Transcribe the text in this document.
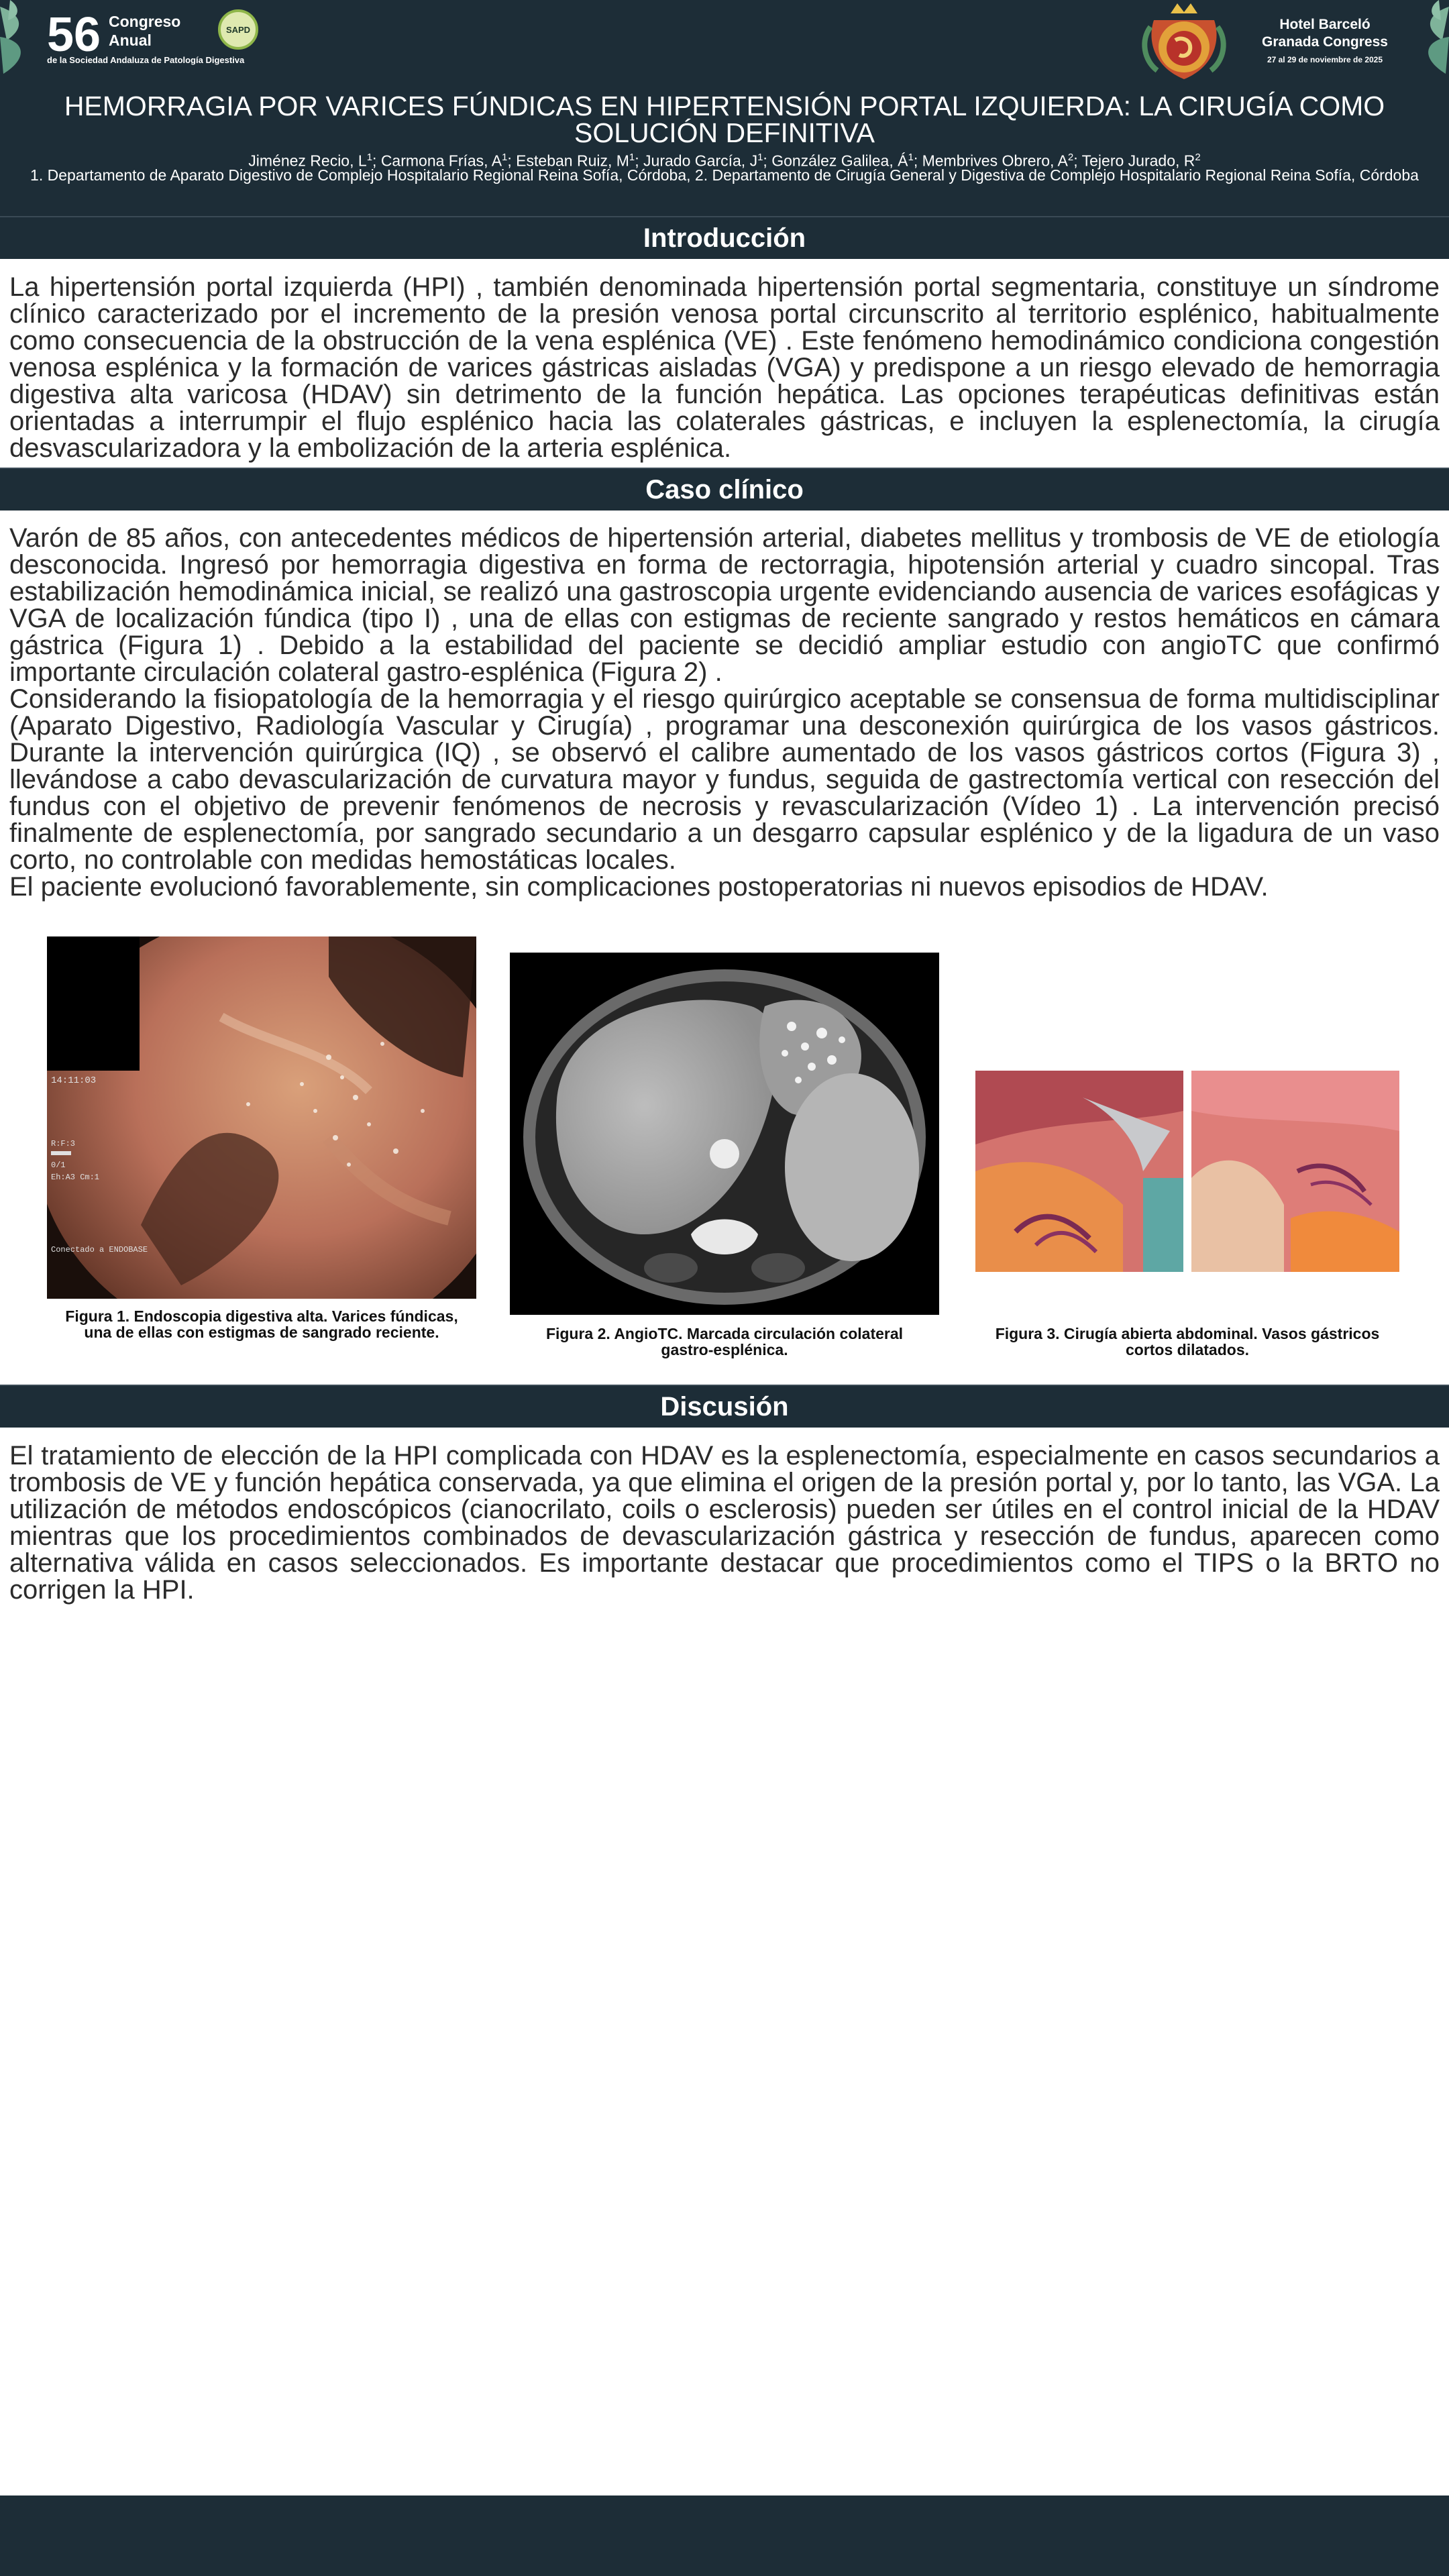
56 Congreso
Anual
SAPD
de la Sociedad Andaluza de Patología Digestiva
Hotel Barceló
Granada Congress
27 al 29 de noviembre de 2025
HEMORRAGIA POR VARICES FÚNDICAS EN HIPERTENSIÓN PORTAL IZQUIERDA: LA CIRUGÍA COMO SOLUCIÓN DEFINITIVA
Jiménez Recio, $L^1$; Carmona Frías, $A^1$; Esteban Ruiz, $M^1$; Jurado García, $J^1$; González Galilea, $Á^1$; Membrives Obrero, $A^2$; Tejero Jurado, $R^2$
1. Departamento de Aparato Digestivo de Complejo Hospitalario Regional Reina Sofía, Córdoba, 2. Departamento de Cirugía General y Digestiva de Complejo Hospitalario Regional Reina Sofía, Córdoba
Introducción

La hipertensión portal izquierda (HPI) , también denominada hipertensión portal segmentaria, constituye un síndrome clínico caracterizado por el incremento de la presión venosa portal circunscrito al territorio esplénico, habitualmente como consecuencia de la obstrucción de la vena esplénica (VE) . Este fenómeno hemodinámico condiciona congestión venosa esplénica y la formación de varices gástricas aisladas (VGA) y predispone a un riesgo elevado de hemorragia digestiva alta varicosa (HDAV) sin detrimento de la función hepática. Las opciones terapéuticas definitivas están orientadas a interrumpir el flujo esplénico hacia las colaterales gástricas, e incluyen la esplenectomía, la cirugía desvascularizadora y la embolización de la arteria esplénica.

Caso clínico

Varón de 85 años, con antecedentes médicos de hipertensión arterial, diabetes mellitus y trombosis de VE de etiología desconocida. Ingresó por hemorragia digestiva en forma de rectorragia, hipotensión arterial y cuadro sincopal. Tras estabilización hemodinámica inicial, se realizó una gastroscopia urgente evidenciando ausencia de varices esofágicas y VGA de localización fúndica (tipo I) , una de ellas con estigmas de reciente sangrado y restos hemáticos en cámara gástrica (Figura 1) . Debido a la estabilidad del paciente se decidió ampliar estudio con angioTC que confirmó importante circulación colateral gastro-esplénica (Figura 2) .

Considerando la fisiopatología de la hemorragia y el riesgo quirúrgico aceptable se consensua de forma multidisciplinar (Aparato Digestivo, Radiología Vascular y Cirugía) , programar una desconexión quirúrgica de los vasos gástricos. Durante la intervención quirúrgica (IQ) , se observó el calibre aumentado de los vasos gástricos cortos (Figura 3) , llevándose a cabo devascularización de curvatura mayor y fundus, seguida de gastrectomía vertical con resección del fundus con el objetivo de prevenir fenómenos de necrosis y revascularización (Vídeo 1) . La intervención precisó finalmente de esplenectomía, por sangrado secundario a un desgarro capsular esplénico y de la ligadura de un vaso corto, no controlable con medidas hemostáticas locales.

El paciente evolucionó favorablemente, sin complicaciones postoperatorias ni nuevos episodios de HDAV.

14:11:03
R:F:3
0/1
Eh:A3 Cm:1
Conectado a ENDOBASE
Figura 1. Endoscopia digestiva alta. Varices fúndicas, una de ellas con estigmas de sangrado reciente.	Figura 2. AngioTC. Marcada circulación colateral gastro-esplénica.
Figura 3. Cirugía abierta abdominal. Vasos gástricos cortos dilatados.
Discusión

El tratamiento de elección de la HPI complicada con HDAV es la esplenectomía, especialmente en casos secundarios a trombosis de VE y función hepática conservada, ya que elimina el origen de la presión portal y, por lo tanto, las VGA. La utilización de métodos endoscópicos (cianocrilato, coils o esclerosis) pueden ser útiles en el control inicial de la HDAV mientras que los procedimientos combinados de devascularización gástrica y resección de fundus, aparecen como alternativa válida en casos seleccionados. Es importante destacar que procedimientos como el TIPS o la BRTO no corrigen la HPI.
